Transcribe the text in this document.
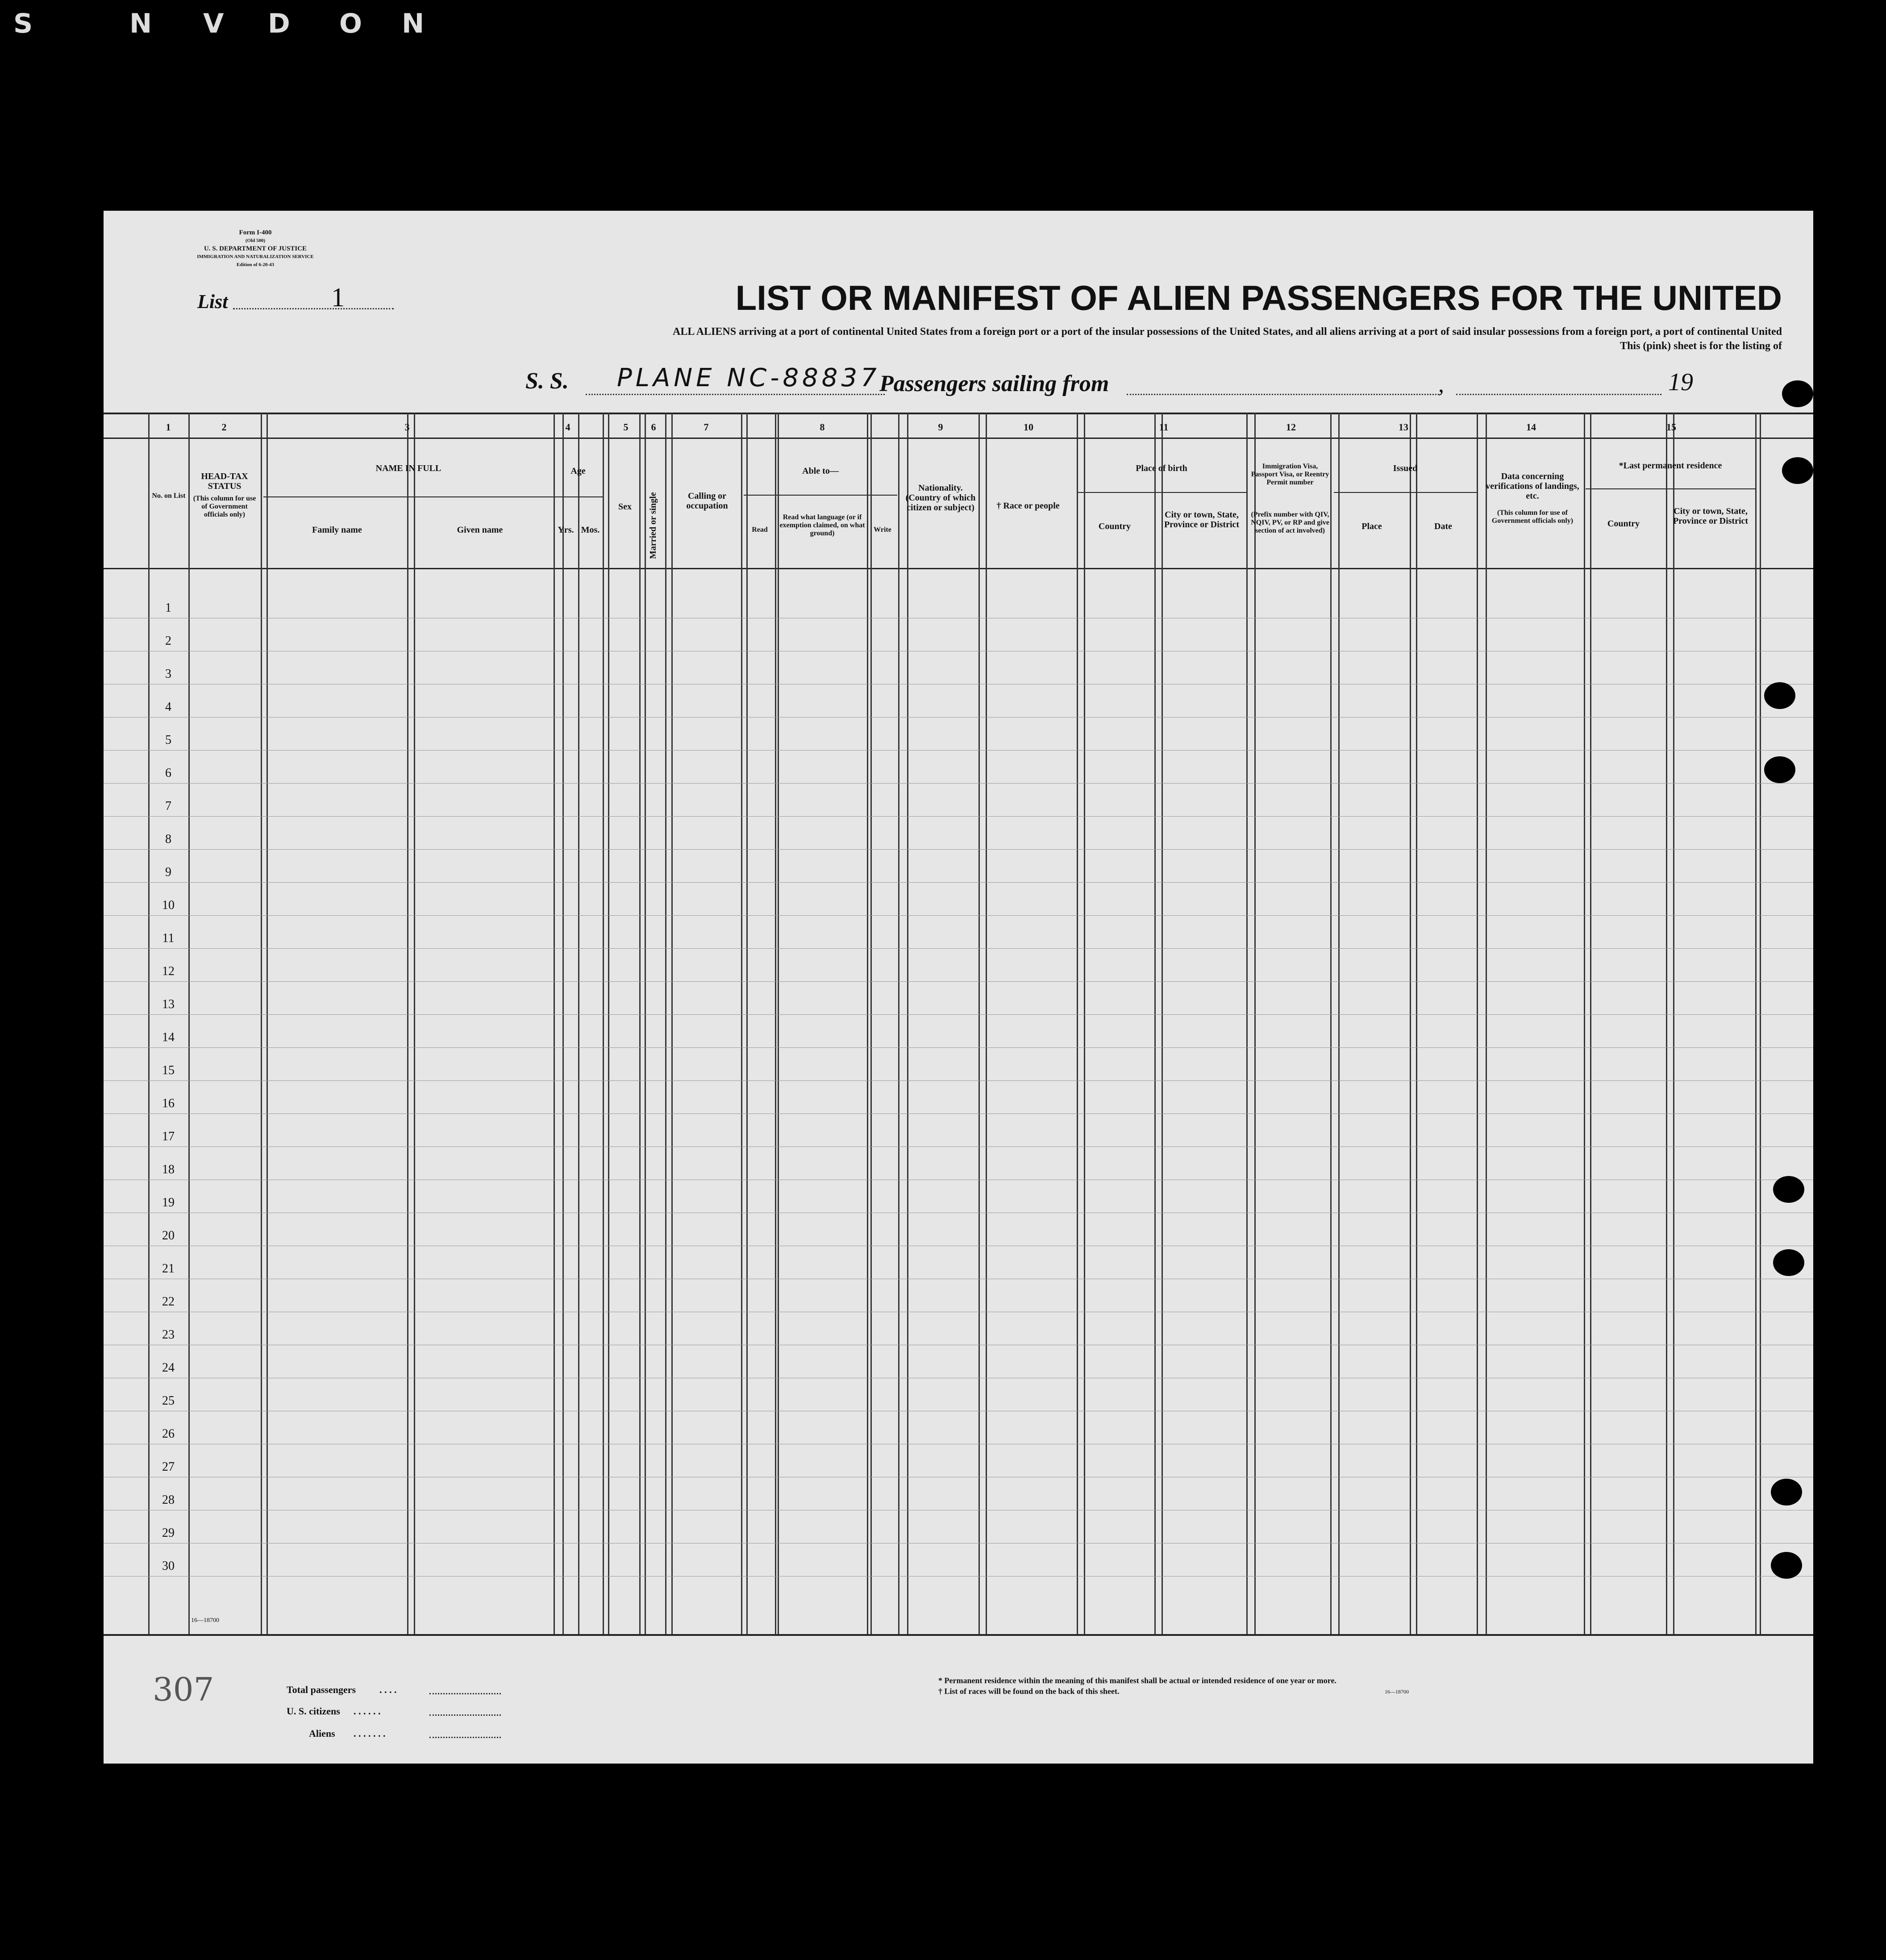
S	N V D O N
Form I-400
(Old 500)
U. S. DEPARTMENT OF JUSTICE
IMMIGRATION AND NATURALIZATION SERVICE
Edition of 6-20-43
List	1	LIST OR MANIFEST OF ALIEN PASSENGERS FOR THE UNITED
ALL ALIENS arriving at a port of continental United States from a foreign port or a port of the insular possessions of the United States, and all aliens arriving at a port of said insular possessions from a foreign port, a port of continental United
This (pink) sheet is for the listing of
S. S. PLANE NC-88837
Passengers sailing from	,	19
1	2	3	4	5	6	7	8	9	10	11	12	13	14	15
No. on List
HEAD-TAX STATUS
(This column for use of Government officials only)
NAME IN FULL
Family name	Given name
Age
Yrs. Mos.
Sex	Married or single	Calling or occupation
Able to—
Read
Read what language (or if exemption claimed, on what ground)	Write
Nationality. (Country of which citizen or subject)	† Race or people
Place of birth
Country
City or town, State, Province or District
Immigration Visa, Passport Visa, or Reentry Permit number
(Prefix number with QIV, NQIV, PV, or RP and give section of act involved)
Issued
Place	Date
Data concerning verifications of landings, etc.
(This column for use of Government officials only)
*Last permanent residence
Country
City or town, State, Province or District
1
2
3
4
5
6
7
8
9
10
11
12
13
14
15
16
17
18
19
20
21
22
23
24
25
26
27
28
29
30
16—18700
307	Total passengers . . . .
U. S. citizens . . . . . .
Aliens . . . . . . .
* Permanent residence within the meaning of this manifest shall be actual or intended residence of one year or more.
† List of races will be found on the back of this sheet.	16—18700
